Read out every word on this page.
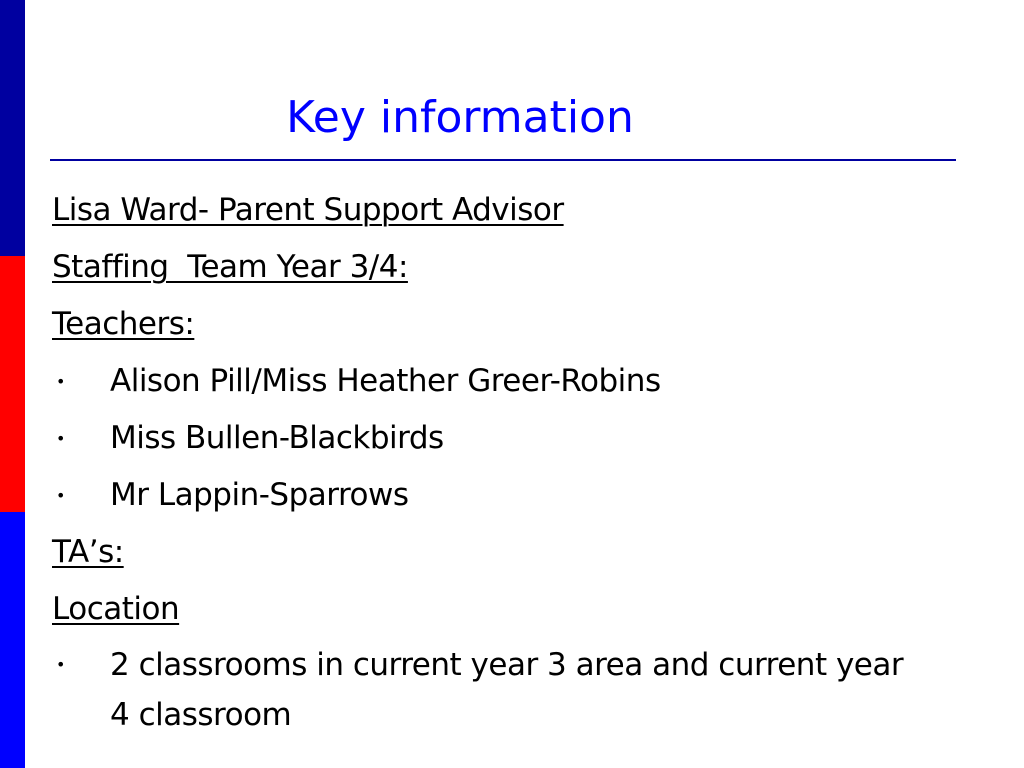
Key information
Lisa Ward- Parent Support Advisor
Staffing  Team Year 3/4:
Teachers:
• Alison Pill/Miss Heather Greer-Robins
• Miss Bullen-Blackbirds
• Mr Lappin-Sparrows
TA’s:
Location
• 2 classrooms in current year 3 area and current year 4 classroom
